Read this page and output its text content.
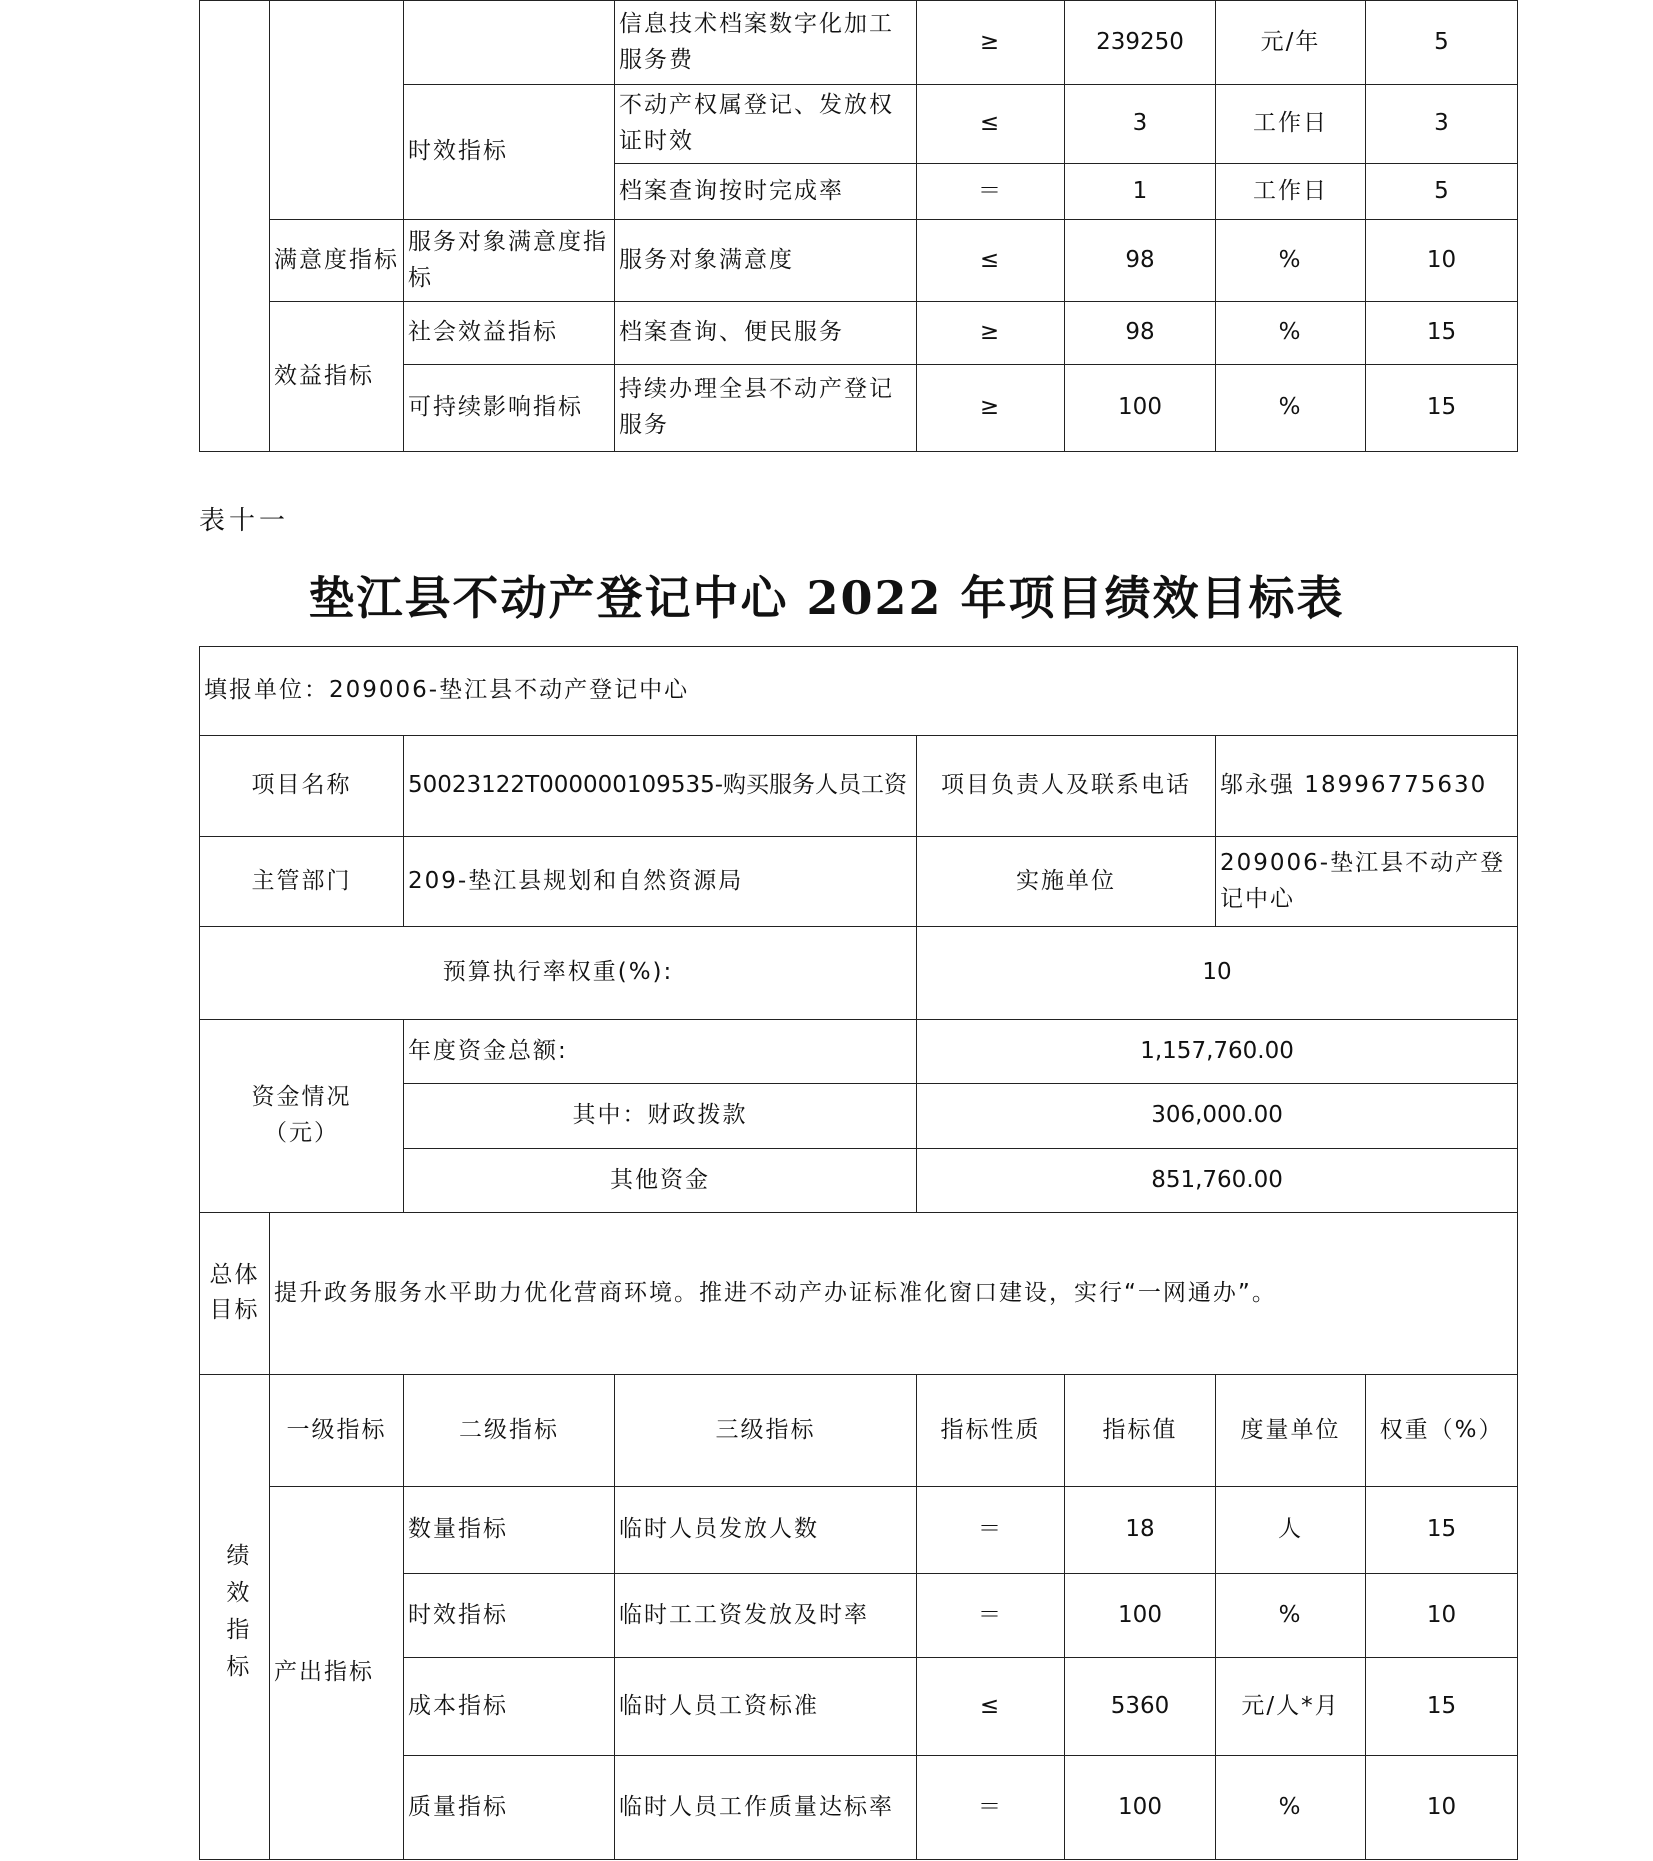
			信息技术档案数字化加工服务费	≥	239250	元/年	5
		时效指标	不动产权属登记、发放权证时效	≤	3	工作日	3
			档案查询按时完成率	＝	1	工作日	5
	满意度指标	服务对象满意度指标	服务对象满意度	≤	98	%	10
	效益指标	社会效益指标	档案查询、便民服务	≥	98	%	15
		可持续影响指标	持续办理全县不动产登记服务	≥	100	%	15
表十一
垫江县不动产登记中心 2022 年项目绩效目标表
填报单位：209006-垫江县不动产登记中心							
项目名称		50023122T000000109535-购买服务人员工资		项目负责人及联系电话		邬永强 18996775630	
主管部门		209-垫江县规划和自然资源局		实施单位		209006-垫江县不动产登记中心	
预算执行率权重(%):				10			

资金情况
（元）		年度资金总额:		1,157,760.00			
		其中：财政拨款		306,000.00			
		其他资金		851,760.00			
总体
目标	提升政务服务水平助力优化营商环境。推进不动产办证标准化窗口建设，实行“一网通办”。						

绩效指标	一级指标	二级指标	三级指标	指标性质	指标值	度量单位	权重（%）
	产出指标	数量指标	临时人员发放人数	＝	18	人	15
		时效指标	临时工工资发放及时率	＝	100	%	10
		成本指标	临时人员工资标准	≤	5360	元/人*月	15
		质量指标	临时人员工作质量达标率	＝	100	%	10
